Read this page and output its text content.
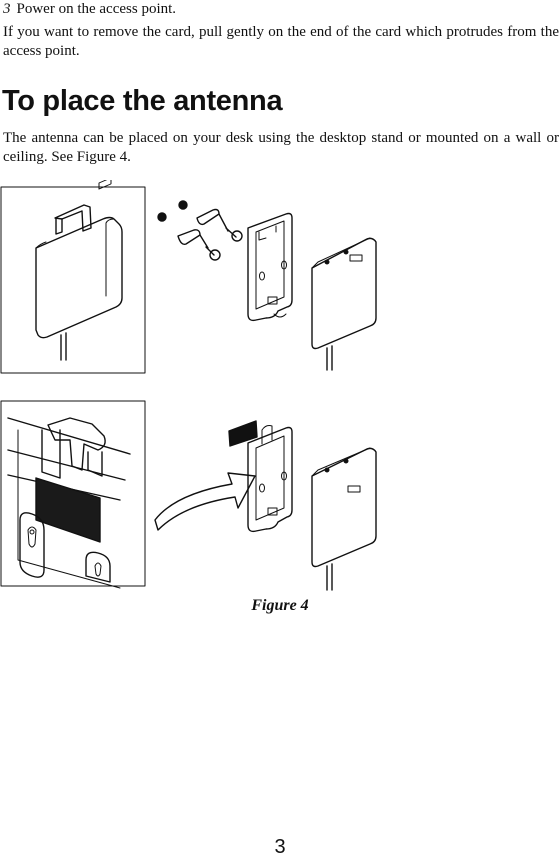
3 Power on the access point.

If you want to remove the card, pull gently on the end of the card which protrudes from the access point.

To place the antenna

The antenna can be placed on your desk using the desktop stand or mounted on a wall or ceiling. See Figure 4.

Figure 4
3
